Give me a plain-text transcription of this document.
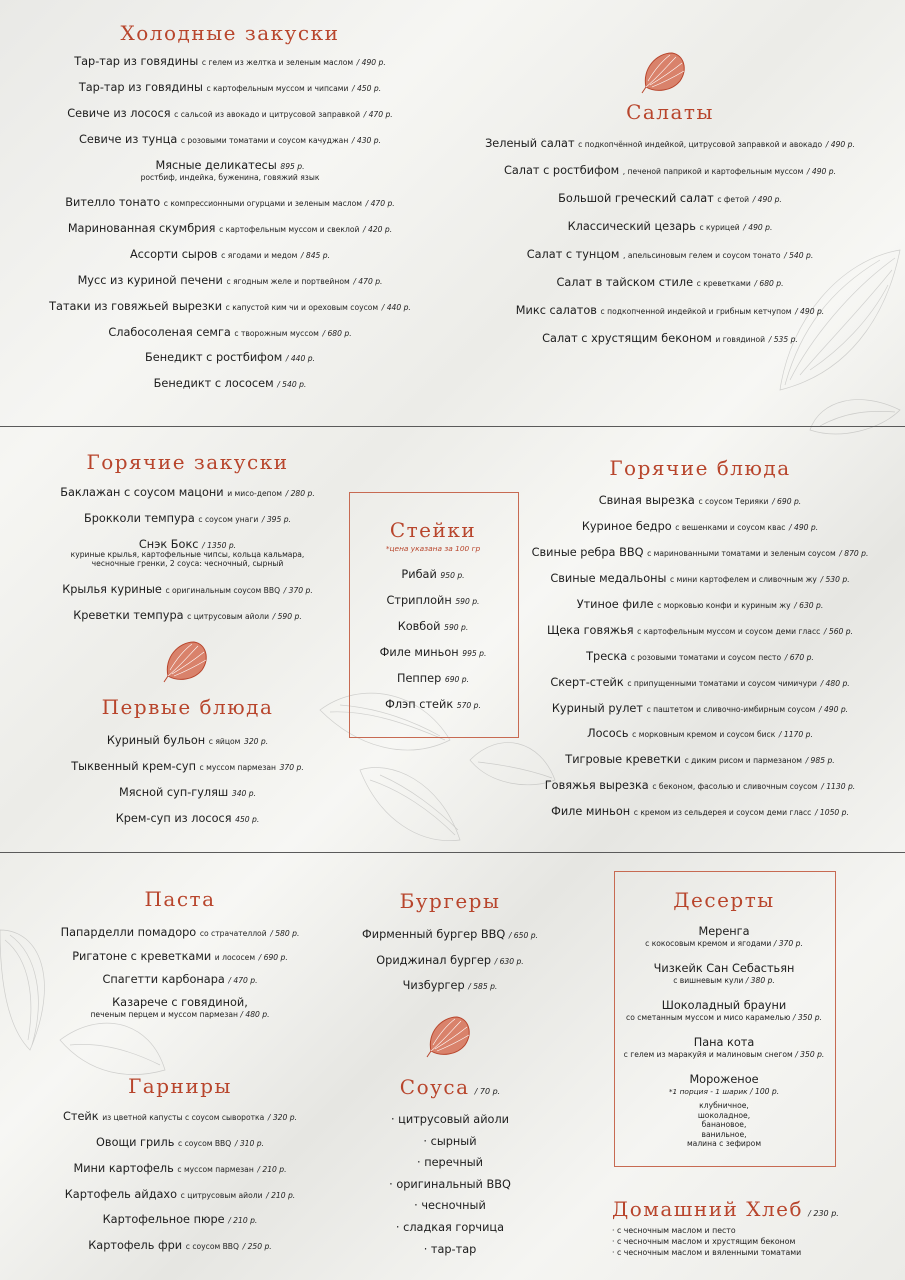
Холодные закуски
Тар-тар из говядины с гелем из желтка и зеленым маслом / 490 р.
Тар-тар из говядины с картофельным муссом и чипсами / 450 р.
Севиче из лосося с сальсой из авокадо и цитрусовой заправкой / 470 р.
Севиче из тунца с розовыми томатами и соусом качуджан / 430 р.
Мясные деликатесы 895 р.
Вителло тонато с компрессионными огурцами и зеленым маслом / 470 р.
Маринованная скумбрия с картофельным муссом и свеклой / 420 р.
Ассорти сыров с ягодами и медом / 845 р.
Мусс из куриной печени с ягодным желе и портвейном / 470 р.
Татаки из говяжьей вырезки с капустой ким чи и ореховым соусом / 440 р.
Слабосоленая семга с творожным муссом / 680 р.
Бенедикт с ростбифом / 440 р.
Бенедикт с лососем / 540 р.
ростбиф, индейка, буженина, говяжий язык
Салаты
Зеленый салат с подкопчённой индейкой, цитрусовой заправкой и авокадо / 490 р.
Салат с ростбифом , печеной паприкой и картофельным муссом / 490 р.
Большой греческий салат с фетой / 490 р.
Классический цезарь с курицей / 490 р.
Салат с тунцом , апельсиновым гелем и соусом тонато / 540 р.
Салат в тайском стиле с креветками / 680 р.
Микс салатов с подкопченной индейкой и грибным кетчупом / 490 р.
Салат с хрустящим беконом и говядиной / 535 р.
Горячие закуски
Баклажан с соусом мацони и мисо-депом / 280 р.
Брокколи темпура с соусом унаги / 395 р.
Снэк Бокс / 1350 р.
Крылья куриные с оригинальным соусом BBQ / 370 р.
Креветки темпура с цитрусовым айоли / 590 р.
куриные крылья, картофельные чипсы, кольца кальмара,
чесночные гренки, 2 соуса: чесночный, сырный
Первые блюда
Куриный бульон с яйцом 320 р.
Тыквенный крем-суп с муссом пармезан 370 р.
Мясной суп-гуляш 340 р.
Крем-суп из лосося 450 р.
Стейки
*цена указана за 100 гр
Рибай 950 р.
Стриплойн 590 р.
Ковбой 590 р.
Филе миньон 995 р.
Пеппер 690 р.
Флэп стейк 570 р.
Горячие блюда
Свиная вырезка с соусом Терияки / 690 р.
Куриное бедро с вешенками и соусом квас / 490 р.
Свиные ребра BBQ с маринованными томатами и зеленым соусом / 870 р.
Свиные медальоны с мини картофелем и сливочным жу / 530 р.
Утиное филе с морковью конфи и куриным жу / 630 р.
Щека говяжья с картофельным муссом и соусом деми гласс / 560 р.
Треска с розовыми томатами и соусом песто / 670 р.
Скерт-стейк с припущенными томатами и соусом чимичури / 480 р.
Куриный рулет с паштетом и сливочно-имбирным соусом / 490 р.
Лосось с морковным кремом и соусом биск / 1170 р.
Тигровые креветки с диким рисом и пармезаном / 985 р.
Говяжья вырезка с беконом, фасолью и сливочным соусом / 1130 р.
Филе миньон с кремом из сельдерея и соусом деми гласс / 1050 р.
Паста
Папарделли помадоро со страчателлой / 580 р.
Ригатоне с креветками и лососем / 690 р.
Спагетти карбонара / 470 р.
Казарече с говядиной,
печеным перцем и муссом пармезан / 480 р.
Гарниры
Стейк из цветной капусты с соусом сывороткa / 320 р.
Овощи гриль с соусом BBQ / 310 р.
Мини картофель с муссом пармезан / 210 р.
Картофель айдахо с цитрусовым айоли / 210 р.
Картофельное пюре / 210 р.
Картофель фри с соусом BBQ / 250 р.
Бургеры
Фирменный бургер BBQ / 650 р.
Ориджинал бургер / 630 р.
Чизбургер / 585 р.
Соуса / 70 р.
· цитрусовый айоли
· сырный
· перечный
· оригинальный BBQ
· чесночный
· сладкая горчица
· тар-тар
Десерты
Меренга
с кокосовым кремом и ягодами / 370 р.
Чизкейк Сан Себастьян
с вишневым кули / 380 р.
Шоколадный брауни
со сметанным муссом и мисо карамелью / 350 р.
Пана кота
с гелем из маракуйя и малиновым снегом / 350 р.
Мороженое
*1 порция - 1 шарик / 100 р.
клубничное,
шоколадное,
банановое,
ванильное,
малина с зефиром
Домашний Хлеб / 230 р.
· с чесночным маслом и песто
· с чесночным маслом и хрустящим беконом
· с чесночным маслом и вяленными томатами
